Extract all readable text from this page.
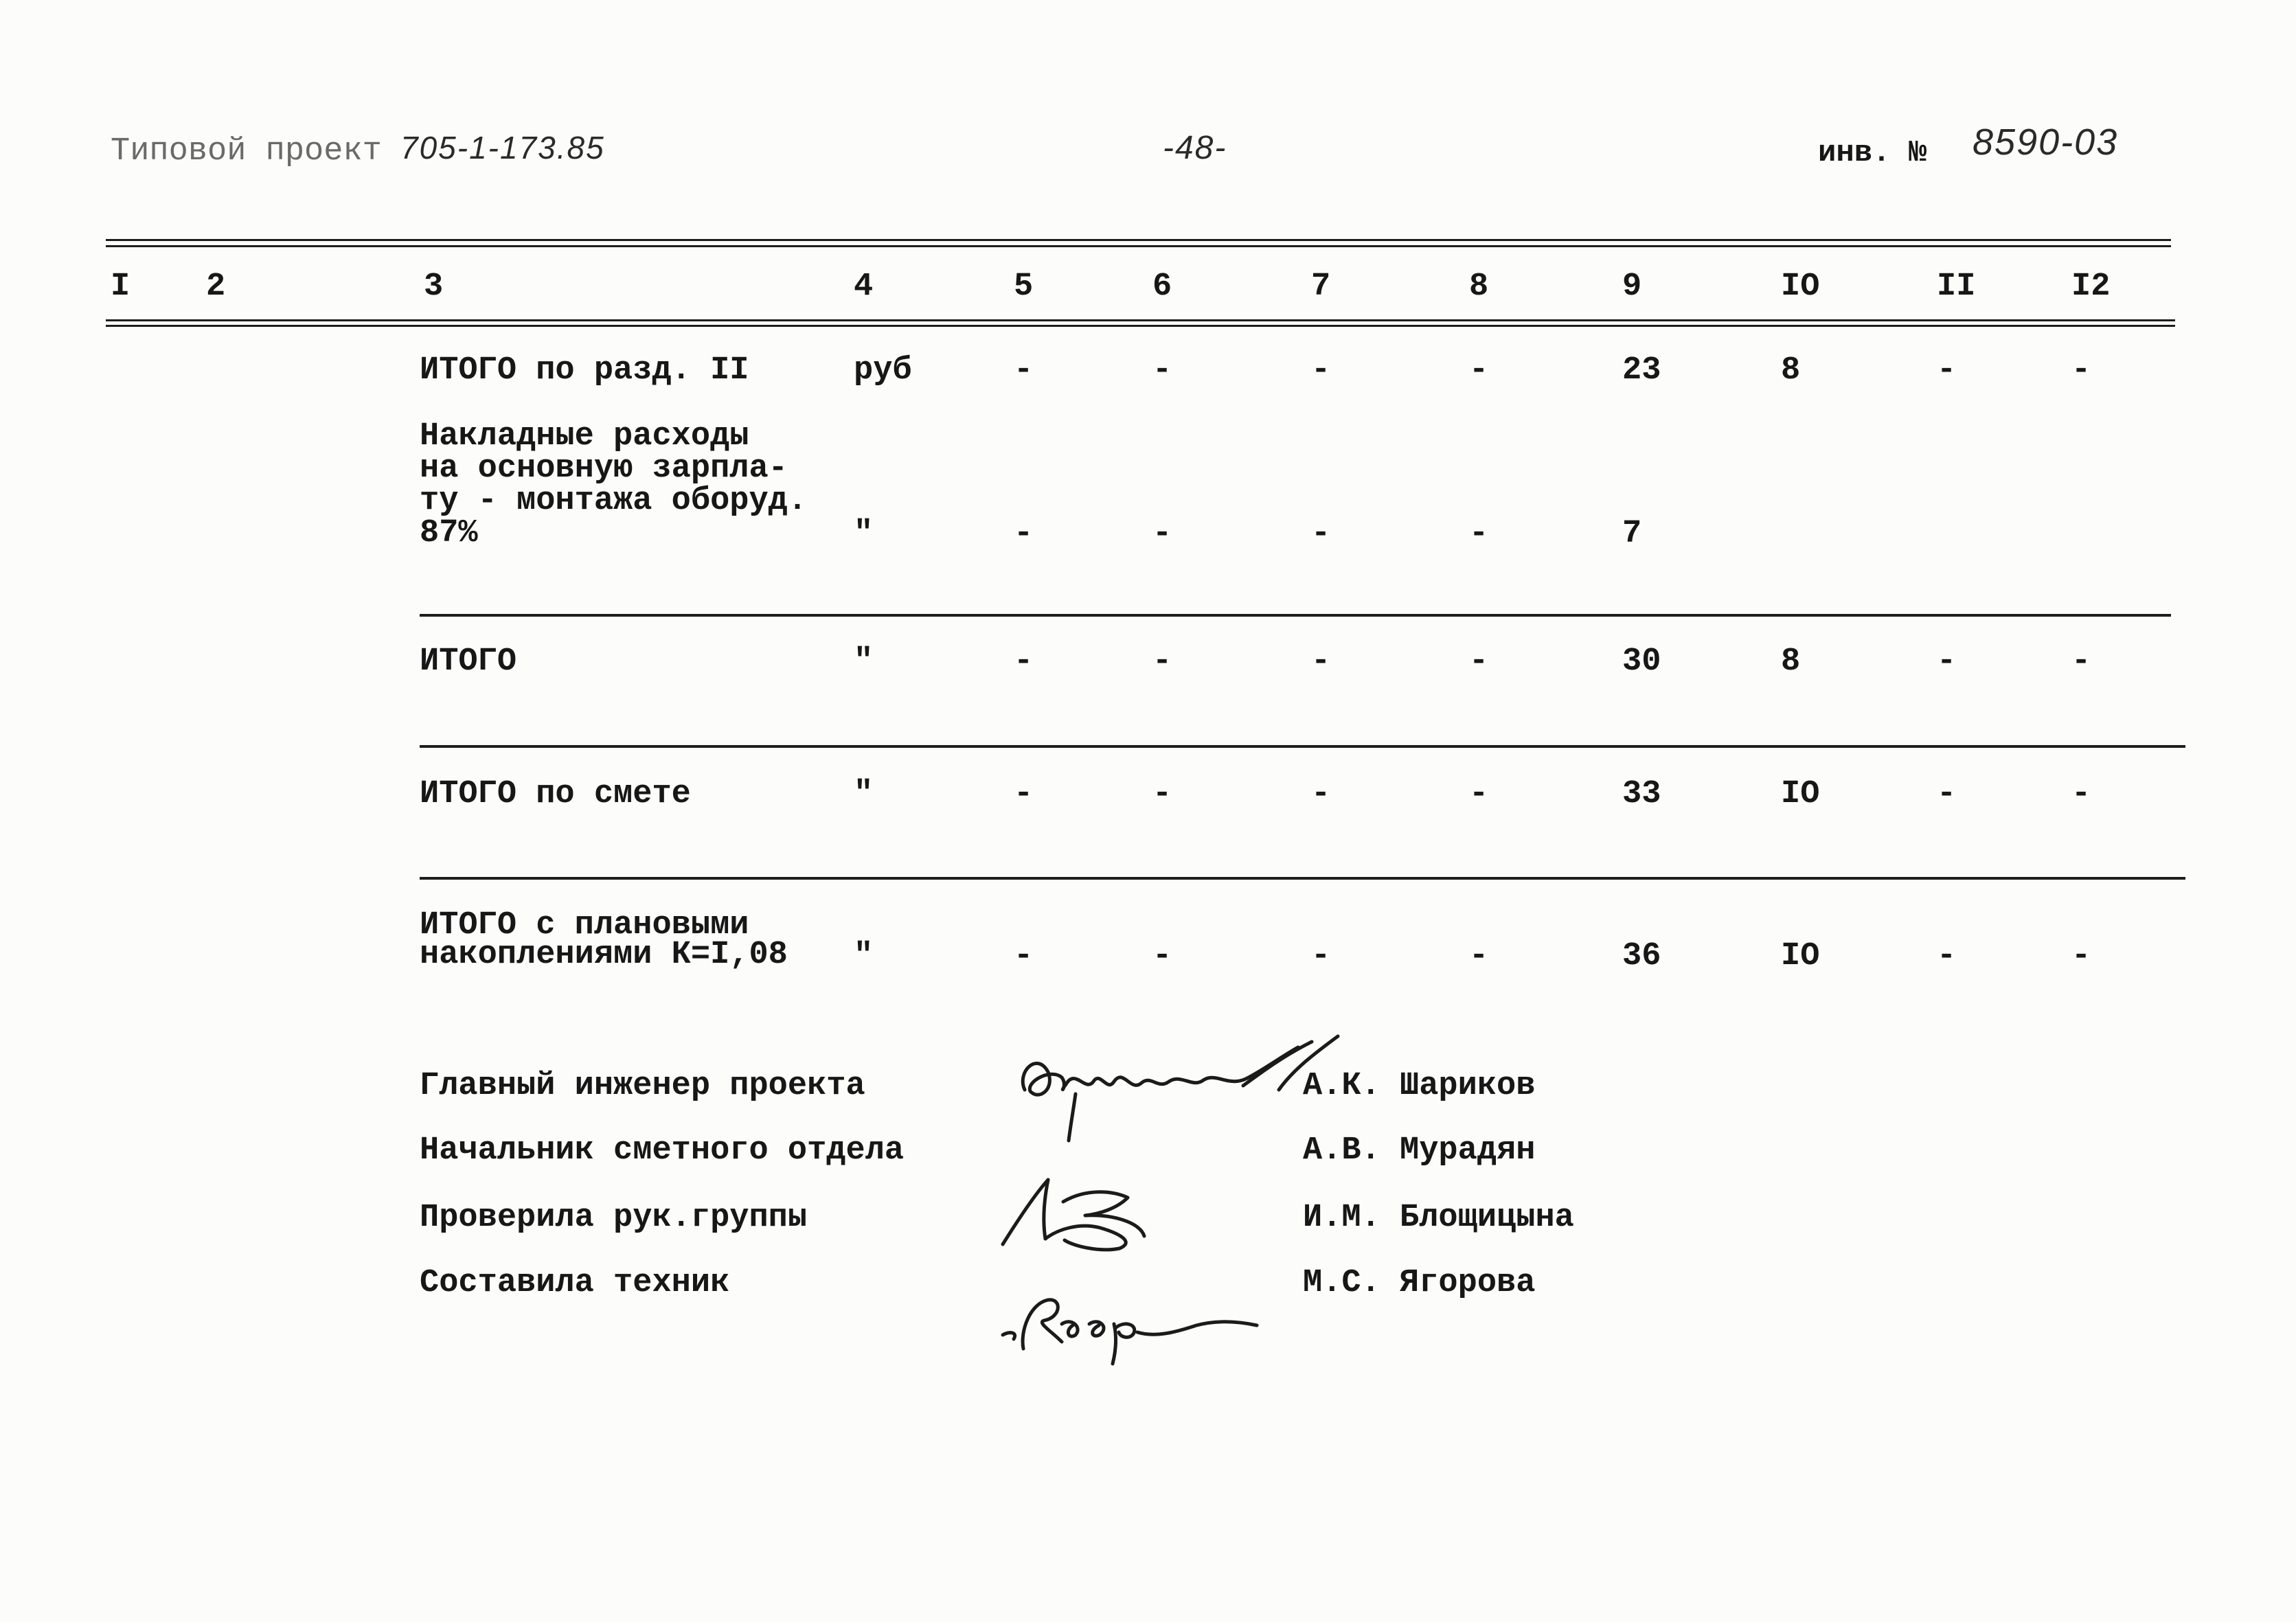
Типовой проект 705-1-173.85	-48-	инв. № 8590-03
I 2	3	4	5	6	7	8	9	IO	II	I2
ИТОГО по разд. II	руб	-	-	-	-	23	8	-	-
Накладные расходы
на основную зарпла-
ту - монтажа оборуд.
87%	"	-	-	-	-	7
ИТОГО	"	-	-	-	-	30	8	-	-
ИТОГО по смете	"	-	-	-	-	33	IO	-	-
ИТОГО с плановыми
накоплениями К=I,08 "	-	-	-	-	36	IO	-	-
Главный инженер проекта	А.К. Шариков
Начальник сметного отдела	А.В. Мурадян
Проверила рук.группы	И.М. Блощицына
Составила техник	М.С. Ягорова
